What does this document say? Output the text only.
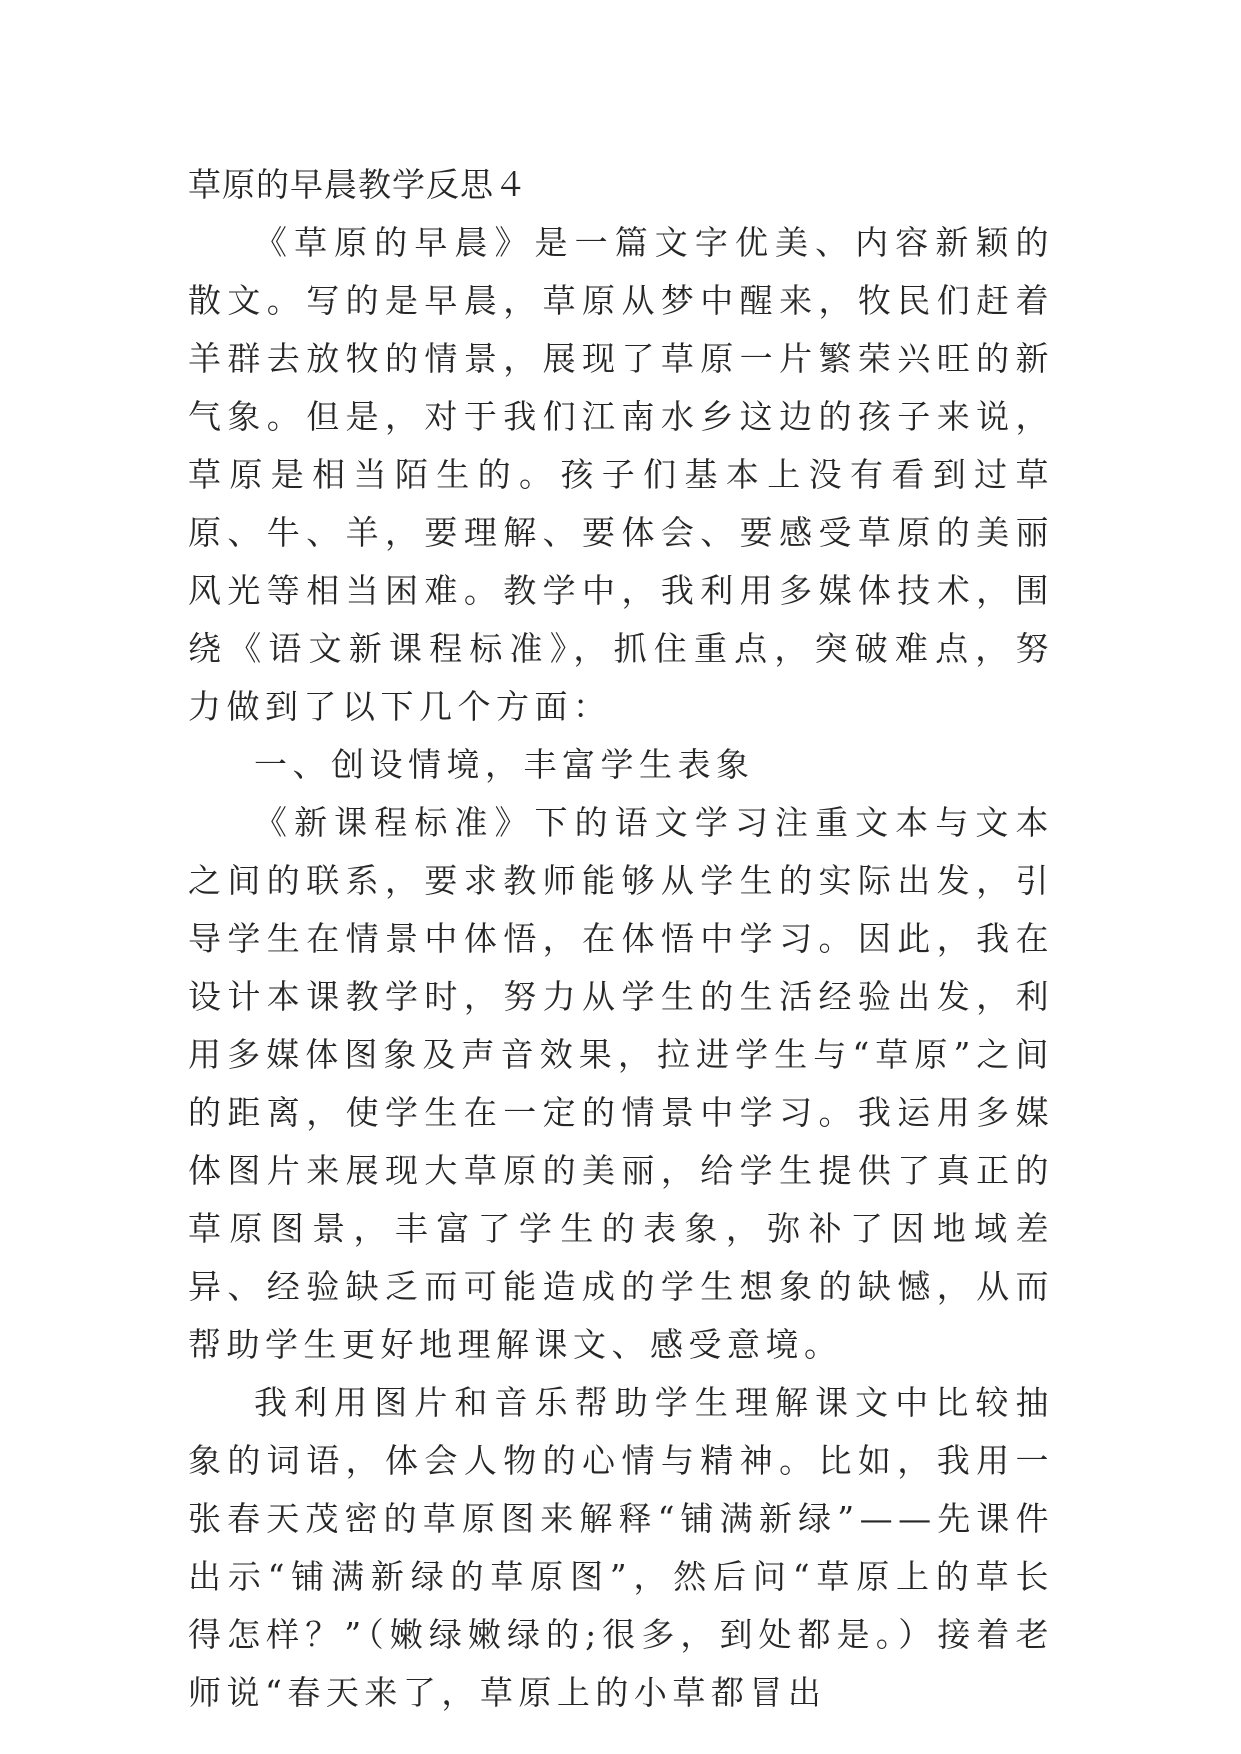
草原的早晨教学反思４

《草原的早晨》是一篇文字优美、内容新颖的散文。写的是早晨，草原从梦中醒来，牧民们赶着羊群去放牧的情景，展现了草原一片繁荣兴旺的新气象。但是，对于我们江南水乡这边的孩子来说，草原是相当陌生的。孩子们基本上没有看到过草原、牛、羊，要理解、要体会、要感受草原的美丽风光等相当困难。教学中，我利用多媒体技术，围绕《语文新课程标准》，抓住重点，突破难点，努力做到了以下几个方面：

一、创设情境，丰富学生表象

《新课程标准》下的语文学习注重文本与文本之间的联系，要求教师能够从学生的实际出发，引导学生在情景中体悟，在体悟中学习。因此，我在设计本课教学时，努力从学生的生活经验出发，利用多媒体图象及声音效果，拉进学生与“草原”之间的距离，使学生在一定的情景中学习。我运用多媒体图片来展现大草原的美丽，给学生提供了真正的草原图景，丰富了学生的表象，弥补了因地域差异、经验缺乏而可能造成的学生想象的缺憾，从而帮助学生更好地理解课文、感受意境。

我利用图片和音乐帮助学生理解课文中比较抽象的词语，体会人物的心情与精神。比如，我用一张春天茂密的草原图来解释“铺满新绿”——先课件出示“铺满新绿的草原图”，然后问“草原上的草长得怎样？”（嫩绿嫩绿的;很多，到处都是。）接着老师说“春天来了，草原上的小草都冒出
